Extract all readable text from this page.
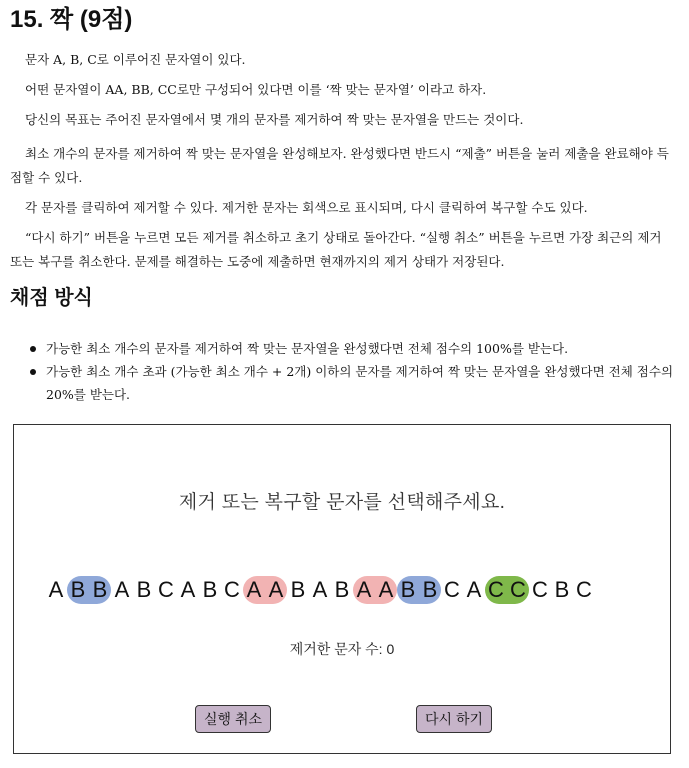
15. 짝 (9점)

문자 A, B, C로 이루어진 문자열이 있다.

어떤 문자열이 AA, BB, CC로만 구성되어 있다면 이를 ‘짝 맞는 문자열’ 이라고 하자.

당신의 목표는 주어진 문자열에서 몇 개의 문자를 제거하여 짝 맞는 문자열을 만드는 것이다.

최소 개수의 문자를 제거하여 짝 맞는 문자열을 완성해보자. 완성했다면 반드시 “제출” 버튼을 눌러 제출을 완료해야 득점할 수 있다.

각 문자를 클릭하여 제거할 수 있다. 제거한 문자는 회색으로 표시되며, 다시 클릭하여 복구할 수도 있다.

“다시 하기” 버튼을 누르면 모든 제거를 취소하고 초기 상태로 돌아간다. “실행 취소” 버튼을 누르면 가장 최근의 제거 또는 복구를 취소한다. 문제를 해결하는 도중에 제출하면 현재까지의 제거 상태가 저장된다.

채점 방식
가능한 최소 개수의 문자를 제거하여 짝 맞는 문자열을 완성했다면 전체 점수의 100%를 받는다.
가능한 최소 개수 초과 (가능한 최소 개수 + 2개) 이하의 문자를 제거하여 짝 맞는 문자열을 완성했다면 전체 점수의 20%를 받는다.
제거 또는 복구할 문자를 선택해주세요.
A B B A B C A B C A A B A B A A B B C A C C C B C
제거한 문자 수: 0
실행 취소	다시 하기
